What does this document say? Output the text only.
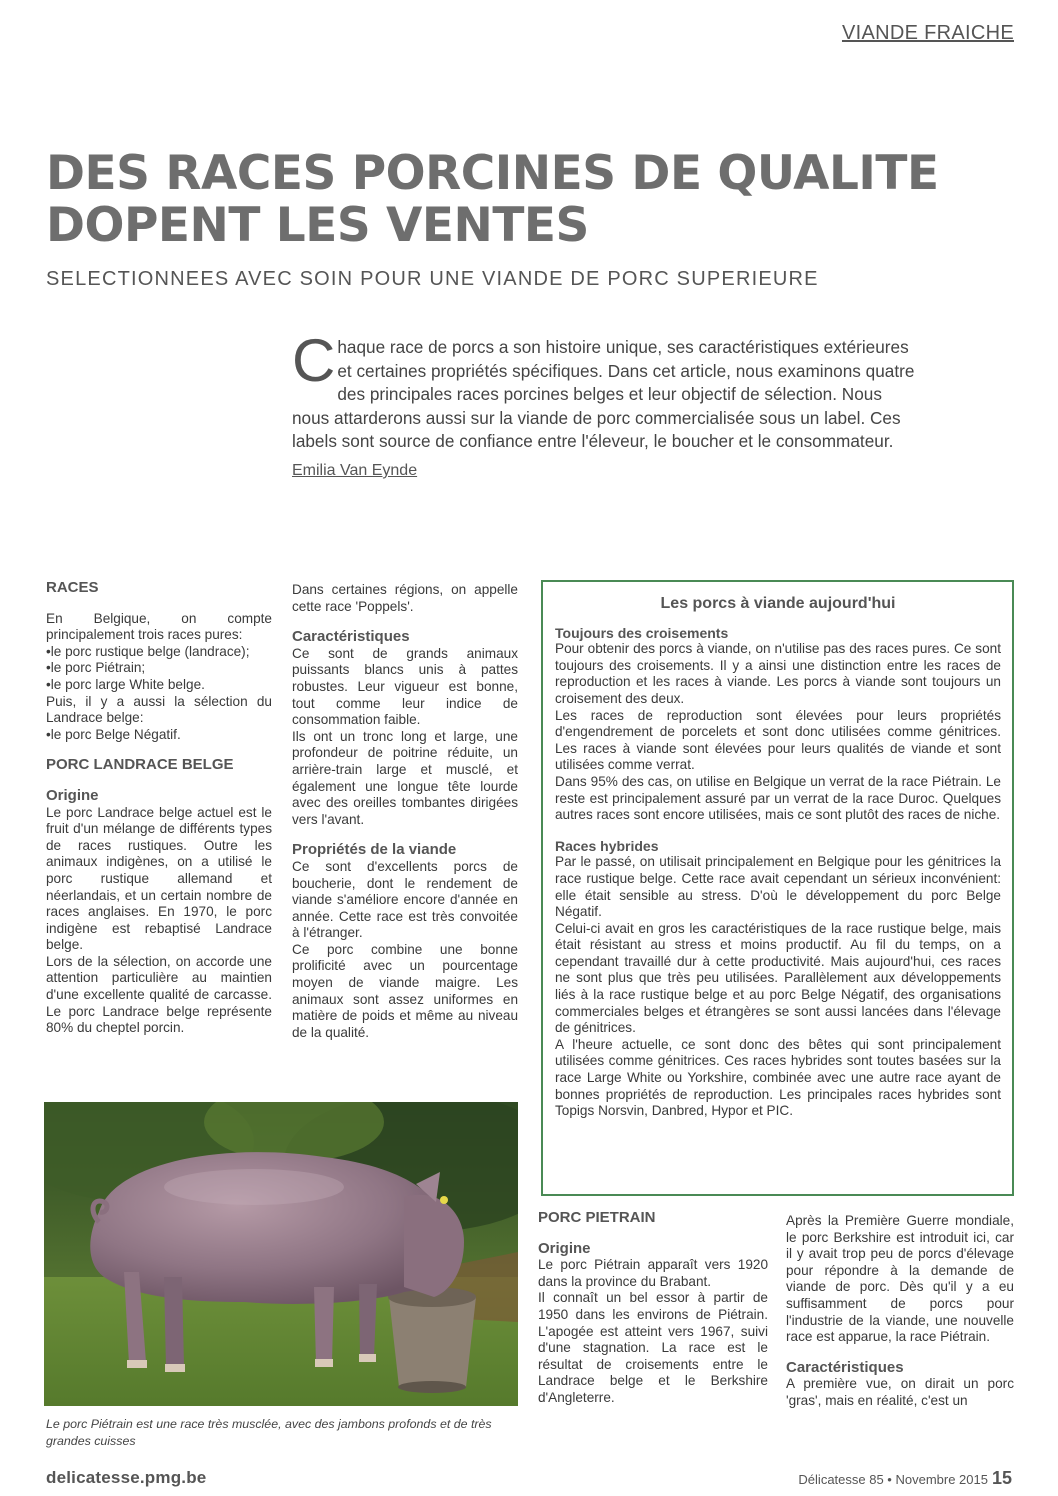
VIANDE FRAICHE
DES RACES PORCINES DE QUALITE
DOPENT LES VENTES
SELECTIONNEES AVEC SOIN POUR UNE VIANDE DE PORC SUPERIEURE
Chaque race de porcs a son histoire unique, ses caractéristiques extérieures et certaines propriétés spécifiques. Dans cet article, nous examinons quatre des principales races porcines belges et leur objectif de sélection. Nous nous attarderons aussi sur la viande de porc commercialisée sous un label. Ces labels sont source de confiance entre l'éleveur, le boucher et le consommateur.
Emilia Van Eynde

RACES

En Belgique, on compte principalement trois races pures:

•le porc rustique belge (landrace);

•le porc Piétrain;

•le porc large White belge.

Puis, il y a aussi la sélection du Landrace belge:

•le porc Belge Négatif.

PORC LANDRACE BELGE

Origine

Le porc Landrace belge actuel est le fruit d'un mélange de différents types de races rustiques. Outre les animaux indigènes, on a utilisé le porc rustique allemand et néerlandais, et un certain nombre de races anglaises. En 1970, le porc indigène est rebaptisé Landrace belge.

Lors de la sélection, on accorde une attention particulière au maintien d'une excellente qualité de carcasse. Le porc Landrace belge représente 80% du cheptel porcin.

Dans certaines régions, on appelle cette race 'Poppels'.

Caractéristiques

Ce sont de grands animaux puissants blancs unis à pattes robustes. Leur vigueur est bonne, tout comme leur indice de consommation faible.

Ils ont un tronc long et large, une profondeur de poitrine réduite, un arrière-train large et musclé, et également une longue tête lourde avec des oreilles tombantes dirigées vers l'avant.

Propriétés de la viande

Ce sont d'excellents porcs de boucherie, dont le rendement de viande s'améliore encore d'année en année. Cette race est très convoitée à l'étranger.

Ce porc combine une bonne prolificité avec un pourcentage moyen de viande maigre. Les animaux sont assez uniformes en matière de poids et même au niveau de la qualité.

Les porcs à viande aujourd'hui

Toujours des croisements

Pour obtenir des porcs à viande, on n'utilise pas des races pures. Ce sont toujours des croisements. Il y a ainsi une distinction entre les races de reproduction et les races à viande. Les porcs à viande sont toujours un croisement des deux.

Les races de reproduction sont élevées pour leurs propriétés d'engendrement de porcelets et sont donc utilisées comme génitrices. Les races à viande sont élevées pour leurs qualités de viande et sont utilisées comme verrat.

Dans 95% des cas, on utilise en Belgique un verrat de la race Piétrain. Le reste est principalement assuré par un verrat de la race Duroc. Quelques autres races sont encore utilisées, mais ce sont plutôt des races de niche.

Races hybrides

Par le passé, on utilisait principalement en Belgique pour les génitrices la race rustique belge. Cette race avait cependant un sérieux inconvénient: elle était sensible au stress. D'où le développement du porc Belge Négatif.

Celui-ci avait en gros les caractéristiques de la race rustique belge, mais était résistant au stress et moins productif. Au fil du temps, on a cependant travaillé dur à cette productivité. Mais aujourd'hui, ces races ne sont plus que très peu utilisées. Parallèlement aux développements liés à la race rustique belge et au porc Belge Négatif, des organisations commerciales belges et étrangères se sont aussi lancées dans l'élevage de génitrices.

A l'heure actuelle, ce sont donc des bêtes qui sont principalement utilisées comme génitrices. Ces races hybrides sont toutes basées sur la race Large White ou Yorkshire, combinée avec une autre race ayant de bonnes propriétés de reproduction. Les principales races hybrides sont Topigs Norsvin, Danbred, Hypor et PIC.

Le porc Piétrain est une race très musclée, avec des jambons profonds et de très grandes cuisses

PORC PIETRAIN

Origine

Le porc Piétrain apparaît vers 1920 dans la province du Brabant.

Il connaît un bel essor à partir de 1950 dans les environs de Piétrain. L'apogée est atteint vers 1967, suivi d'une stagnation. La race est le résultat de croisements entre le Landrace belge et le Berkshire d'Angleterre.

Après la Première Guerre mondiale, le porc Berkshire est introduit ici, car il y avait trop peu de porcs d'élevage pour répondre à la demande de viande de porc. Dès qu'il y a eu suffisamment de porcs pour l'industrie de la viande, une nouvelle race est apparue, la race Piétrain.

Caractéristiques

A première vue, on dirait un porc 'gras', mais en réalité, c'est un

delicatesse.pmg.be	Délicatesse 85 • Novembre 2015 15
